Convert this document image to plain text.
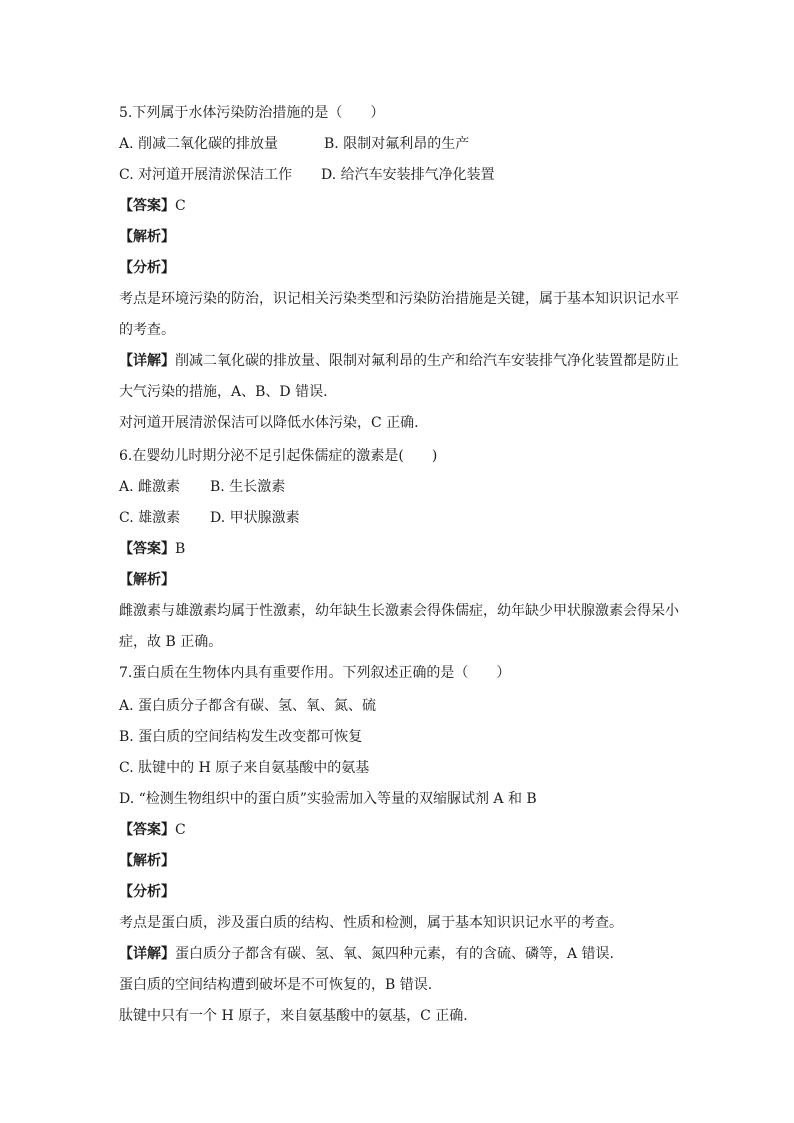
5.下列属于水体污染防治措施的是（　　）
A. 削减二氧化碳的排放量	B. 限制对氟利昂的生产
C. 对河道开展清淤保洁工作 D. 给汽车安装排气净化装置
【答案】C
【解析】
【分析】
考点是环境污染的防治，识记相关污染类型和污染防治措施是关键，属于基本知识识记水平
的考查。
【详解】削减二氧化碳的排放量、限制对氟利昂的生产和给汽车安装排气净化装置都是防止
大气污染的措施，A、B、D 错误.
对河道开展清淤保洁可以降低水体污染，C 正确.
6.在婴幼儿时期分泌不足引起侏儒症的激素是(　　)
A. 雌激素 B. 生长激素
C. 雄激素 D. 甲状腺激素
【答案】B
【解析】
雌激素与雄激素均属于性激素，幼年缺生长激素会得侏儒症，幼年缺少甲状腺激素会得呆小
症，故 B 正确。
7.蛋白质在生物体内具有重要作用。下列叙述正确的是（　　）
A. 蛋白质分子都含有碳、氢、氧、氮、硫
B. 蛋白质的空间结构发生改变都可恢复
C. 肽键中的 H 原子来自氨基酸中的氨基
D. “检测生物组织中的蛋白质”实验需加入等量的双缩脲试剂 A 和 B
【答案】C
【解析】
【分析】
考点是蛋白质，涉及蛋白质的结构、性质和检测，属于基本知识识记水平的考查。
【详解】蛋白质分子都含有碳、氢、氧、氮四种元素，有的含硫、磷等，A 错误.
蛋白质的空间结构遭到破坏是不可恢复的，B 错误.
肽键中只有一个 H 原子，来自氨基酸中的氨基，C 正确.
